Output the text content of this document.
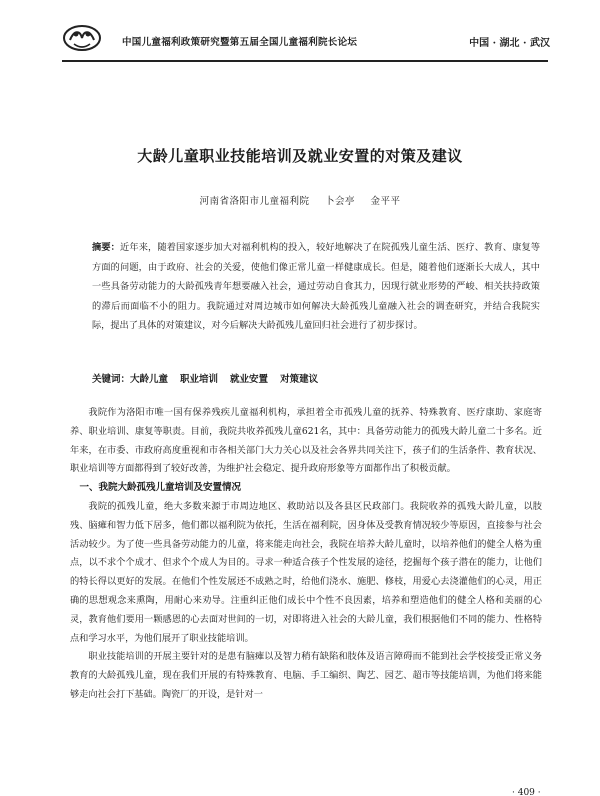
中国儿童福利政策研究暨第五届全国儿童福利院长论坛	中国 · 湖北 · 武汉
大龄儿童职业技能培训及就业安置的对策及建议
河南省洛阳市儿童福利院 卜会亭 金平平
摘要：近年来，随着国家逐步加大对福利机构的投入，较好地解决了在院孤残儿童生活、医疗、教育、康复等方面的问题，由于政府、社会的关爱，使他们像正常儿童一样健康成长。但是，随着他们逐渐长大成人，其中一些具备劳动能力的大龄孤残青年想要融入社会，通过劳动自食其力，因现行就业形势的严峻、相关扶持政策的滞后而面临不小的阻力。我院通过对周边城市如何解决大龄孤残儿童融入社会的调查研究，并结合我院实际，提出了具体的对策建议，对今后解决大龄孤残儿童回归社会进行了初步探讨。
关键词：大龄儿童 职业培训 就业安置 对策建议

我院作为洛阳市唯一国有保养残疾儿童福利机构，承担着全市孤残儿童的抚养、特殊教育、医疗康助、家庭寄养、职业培训、康复等职责。目前，我院共收养孤残儿童621名，其中：具备劳动能力的孤残大龄儿童二十多名。近年来，在市委、市政府高度重视和市各相关部门大力关心以及社会各界共同关注下，孩子们的生活条件、教育状况、职业培训等方面都得到了较好改善，为维护社会稳定、提升政府形象等方面都作出了积极贡献。

一、我院大龄孤残儿童培训及安置情况

我院的孤残儿童，绝大多数来源于市周边地区、救助站以及各县区民政部门。我院收养的孤残大龄儿童，以肢残、脑瘫和智力低下居多，他们都以福利院为依托，生活在福利院，因身体及受教育情况较少等原因，直接参与社会活动较少。为了使一些具备劳动能力的儿童，将来能走向社会，我院在培养大龄儿童时，以培养他们的健全人格为重点，以不求个个成才、但求个个成人为目的。寻求一种适合孩子个性发展的途径，挖掘每个孩子潜在的能力，让他们的特长得以更好的发展。在他们个性发展还不成熟之时，给他们浇水、施肥、修枝，用爱心去浇灌他们的心灵，用正确的思想观念来熏陶，用耐心来劝导。注重纠正他们成长中个性不良因素，培养和塑造他们的健全人格和美丽的心灵，教育他们要用一颗感恩的心去面对世间的一切，对即将进入社会的大龄儿童，我们根据他们不同的能力、性格特点和学习水平，为他们展开了职业技能培训。

职业技能培训的开展主要针对的是患有脑瘫以及智力稍有缺陷和肢体及语言障碍而不能到社会学校接受正常义务教育的大龄孤残儿童，现在我们开展的有特殊教育、电脑、手工编织、陶艺、园艺、超市等技能培训，为他们将来能够走向社会打下基础。陶瓷厂的开设，是针对一

· 409 ·
